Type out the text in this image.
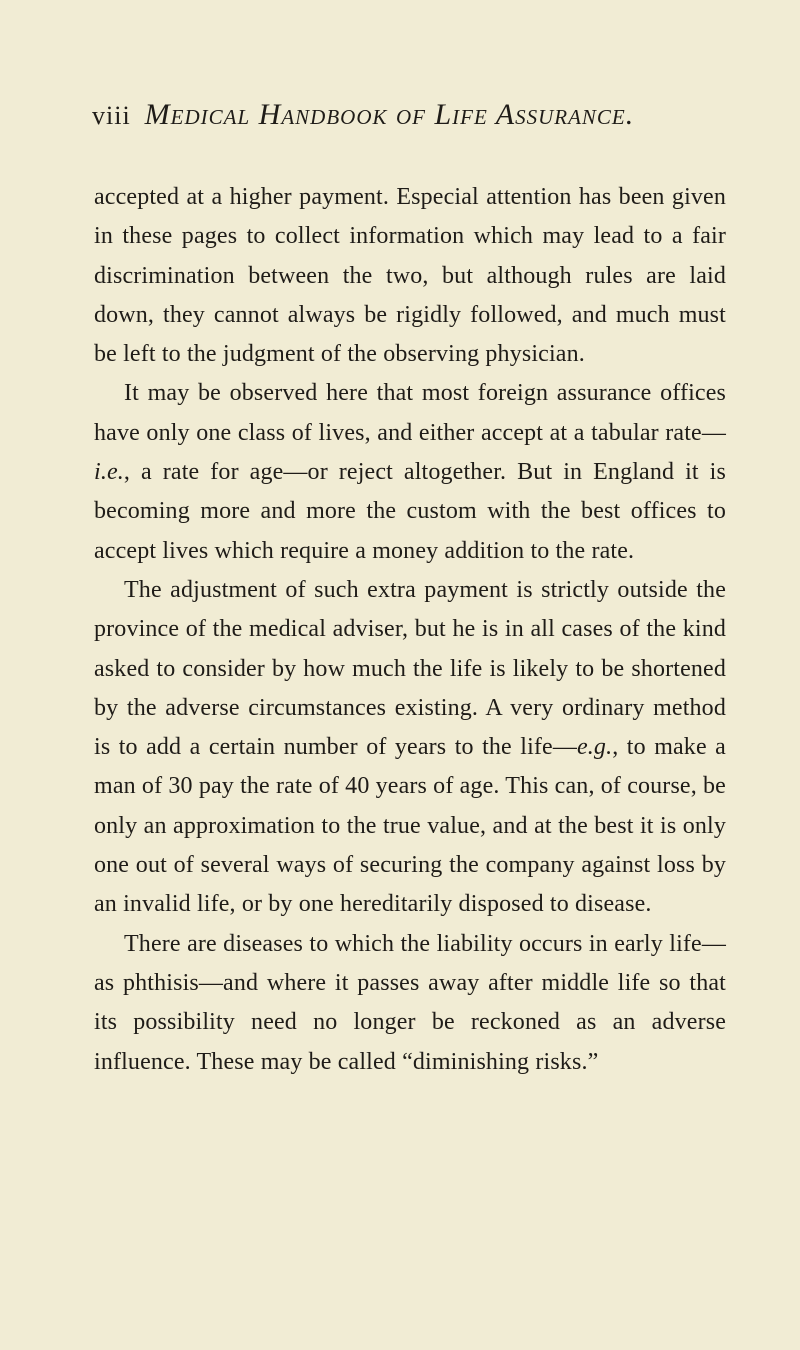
viii Medical Handbook of Life Assurance.

accepted at a higher payment. Especial attention has been given in these pages to collect information which may lead to a fair discrimination between the two, but although rules are laid down, they cannot always be rigidly followed, and much must be left to the judgment of the observing physician.

It may be observed here that most foreign assurance offices have only one class of lives, and either accept at a tabular rate—i.e., a rate for age—or reject altogether. But in England it is becoming more and more the custom with the best offices to accept lives which require a money addition to the rate.

The adjustment of such extra payment is strictly outside the province of the medical adviser, but he is in all cases of the kind asked to consider by how much the life is likely to be shortened by the adverse circumstances existing. A very ordinary method is to add a certain number of years to the life—e.g., to make a man of 30 pay the rate of 40 years of age. This can, of course, be only an approximation to the true value, and at the best it is only one out of several ways of securing the company against loss by an invalid life, or by one hereditarily disposed to disease.

There are diseases to which the liability occurs in early life—as phthisis—and where it passes away after middle life so that its possibility need no longer be reckoned as an adverse influence. These may be called “diminishing risks.”
